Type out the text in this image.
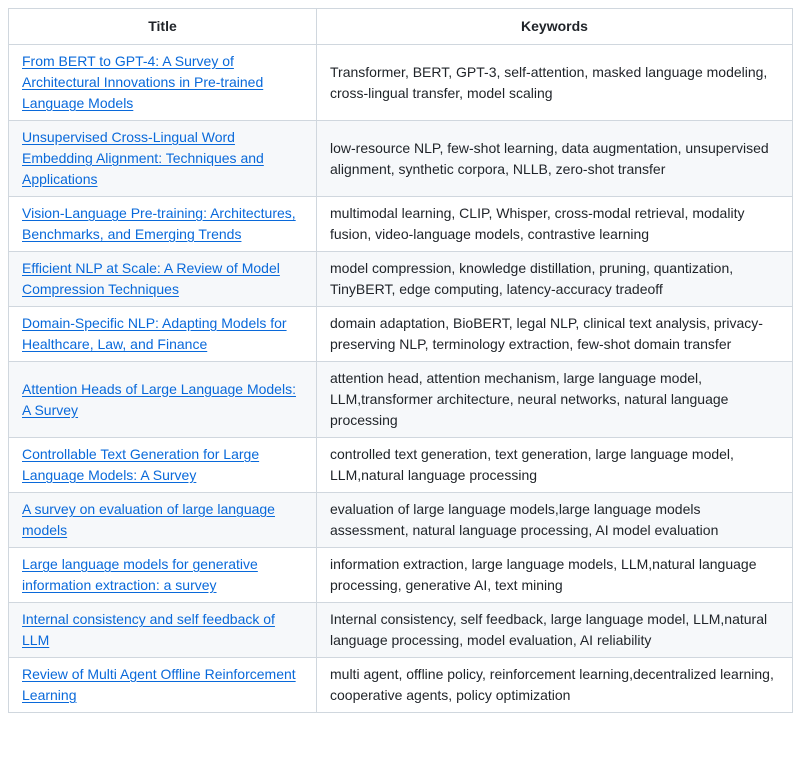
Title	Keywords
From BERT to GPT-4: A Survey of Architectural Innovations in Pre-trained Language Models	Transformer, BERT, GPT-3, self-attention, masked language modeling, cross-lingual transfer, model scaling
Unsupervised Cross-Lingual Word Embedding Alignment: Techniques and Applications	low-resource NLP, few-shot learning, data augmentation, unsupervised alignment, synthetic corpora, NLLB, zero-shot transfer
Vision-Language Pre-training: Architectures, Benchmarks, and Emerging Trends	multimodal learning, CLIP, Whisper, cross-modal retrieval, modality fusion, video-language models, contrastive learning
Efficient NLP at Scale: A Review of Model Compression Techniques	model compression, knowledge distillation, pruning, quantization, TinyBERT, edge computing, latency-accuracy tradeoff
Domain-Specific NLP: Adapting Models for Healthcare, Law, and Finance	domain adaptation, BioBERT, legal NLP, clinical text analysis, privacy-preserving NLP, terminology extraction, few-shot domain transfer
Attention Heads of Large Language Models: A Survey	attention head, attention mechanism, large language model, LLM,transformer architecture, neural networks, natural language processing
Controllable Text Generation for Large Language Models: A Survey	controlled text generation, text generation, large language model, LLM,natural language processing
A survey on evaluation of large language models	evaluation of large language models,large language models assessment, natural language processing, AI model evaluation
Large language models for generative information extraction: a survey	information extraction, large language models, LLM,natural language processing, generative AI, text mining
Internal consistency and self feedback of LLM	Internal consistency, self feedback, large language model, LLM,natural language processing, model evaluation, AI reliability
Review of Multi Agent Offline Reinforcement Learning	multi agent, offline policy, reinforcement learning,decentralized learning, cooperative agents, policy optimization
